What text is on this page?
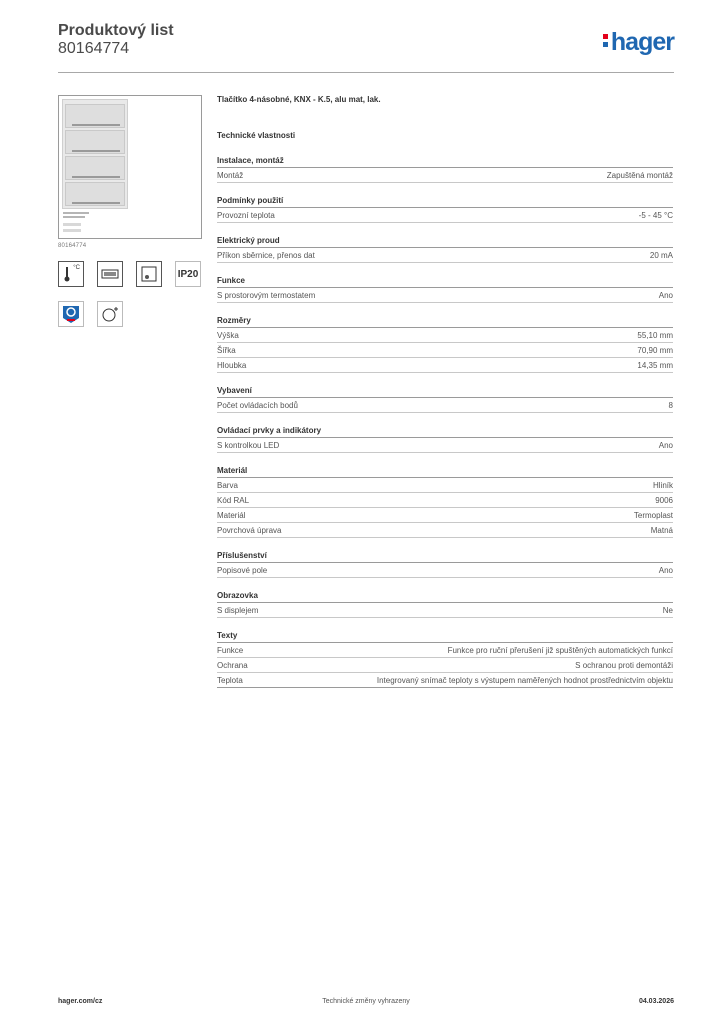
Produktový list
80164774	hager
80164774
°C
IP20
Tlačítko 4-násobné, KNX - K.5, alu mat, lak.
Technické vlastnosti
Instalace, montáž
Montáž	Zapuštěná montáž
Podmínky použití
Provozní teplota	-5 - 45 °C
Elektrický proud
Příkon sběrnice, přenos dat	20 mA
Funkce
S prostorovým termostatem	Ano
Rozměry
Výška	55,10 mm
Šířka	70,90 mm
Hloubka	14,35 mm
Vybavení
Počet ovládacích bodů	8
Ovládací prvky a indikátory
S kontrolkou LED	Ano
Materiál
Barva	Hliník
Kód RAL	9006
Materiál	Termoplast
Povrchová úprava	Matná
Příslušenství
Popisové pole	Ano
Obrazovka
S displejem	Ne
Texty
Funkce	Funkce pro ruční přerušení již spuštěných automatických funkcí
Ochrana	S ochranou proti demontáži
Teplota	Integrovaný snímač teploty s výstupem naměřených hodnot prostřednictvím objektu
hager.com/cz	Technické změny vyhrazeny	04.03.2026
